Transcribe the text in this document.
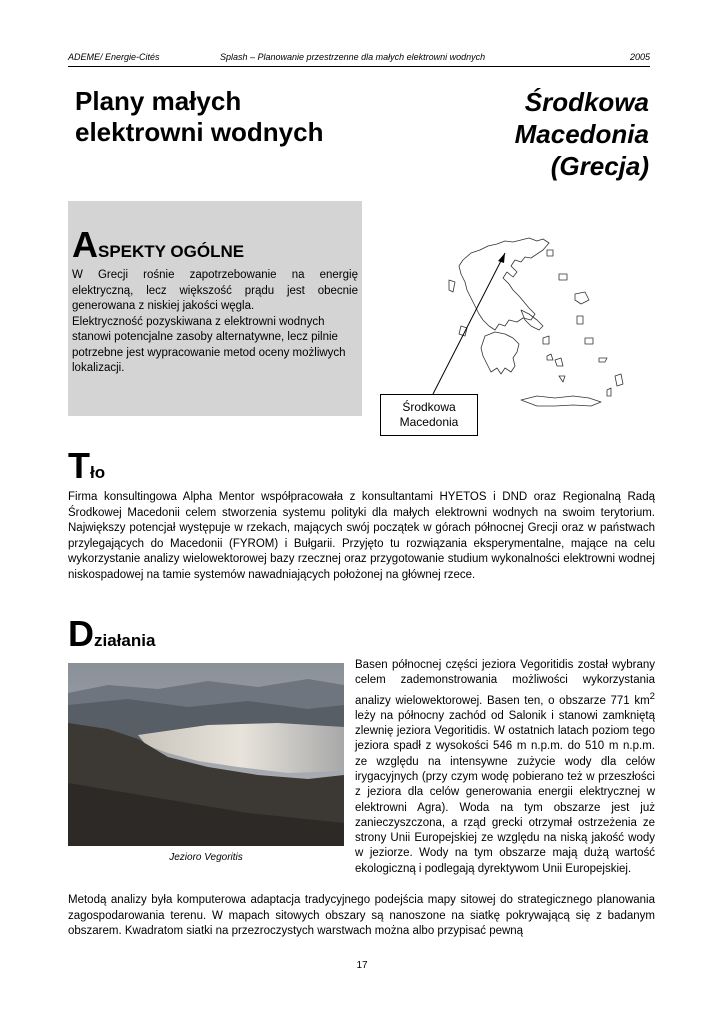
ADEME/ Energie-Cités	Splash – Planowanie przestrzenne dla małych elektrowni wodnych	2005
Plany małych
elektrowni wodnych
Środkowa
Macedonia
(Grecja)
ASPEKTY OGÓLNE

W Grecji rośnie zapotrzebowanie na energię elektryczną, lecz większość prądu jest obecnie generowana z niskiej jakości węgla.

Elektryczność pozyskiwana z elektrowni wodnych stanowi potencjalne zasoby alternatywne, lecz pilnie potrzebne jest wypracowanie metod oceny możliwych lokalizacji.

Środkowa
Macedonia
Tło

Firma konsultingowa Alpha Mentor współpracowała z konsultantami HYETOS i DND oraz Regionalną Radą Środkowej Macedonii celem stworzenia systemu polityki dla małych elektrowni wodnych na swoim terytorium. Największy potencjał występuje w rzekach, mających swój początek w górach północnej Grecji oraz w państwach przylegających do Macedonii (FYROM) i Bułgarii. Przyjęto tu rozwiązania eksperymentalne, mające na celu wykorzystanie analizy wielowektorowej bazy rzecznej oraz przygotowanie studium wykonalności elektrowni wodnej niskospadowej na tamie systemów nawadniających położonej na głównej rzece.

Działania
Jezioro Vegoritis

Basen północnej części jeziora Vegoritidis został wybrany celem zademonstrowania możliwości wykorzystania analizy wielowektorowej. Basen ten, o obszarze 771 $km^2$ leży na północny zachód od Salonik i stanowi zamkniętą zlewnię jeziora Vegoritidis. W ostatnich latach poziom tego jeziora spadł z wysokości 546 m n.p.m. do 510 m n.p.m. ze względu na intensywne zużycie wody dla celów irygacyjnych (przy czym wodę pobierano też w przeszłości z jeziora dla celów generowania energii elektrycznej w elektrowni Agra). Woda na tym obszarze jest już zanieczyszczona, a rząd grecki otrzymał ostrzeżenia ze strony Unii Europejskiej ze względu na niską jakość wody w jeziorze. Wody na tym obszarze mają dużą wartość ekologiczną i podlegają dyrektywom Unii Europejskiej.

Metodą analizy była komputerowa adaptacja tradycyjnego podejścia mapy sitowej do strategicznego planowania zagospodarowania terenu. W mapach sitowych obszary są nanoszone na siatkę pokrywającą się z badanym obszarem. Kwadratom siatki na przezroczystych warstwach można albo przypisać pewną

17
